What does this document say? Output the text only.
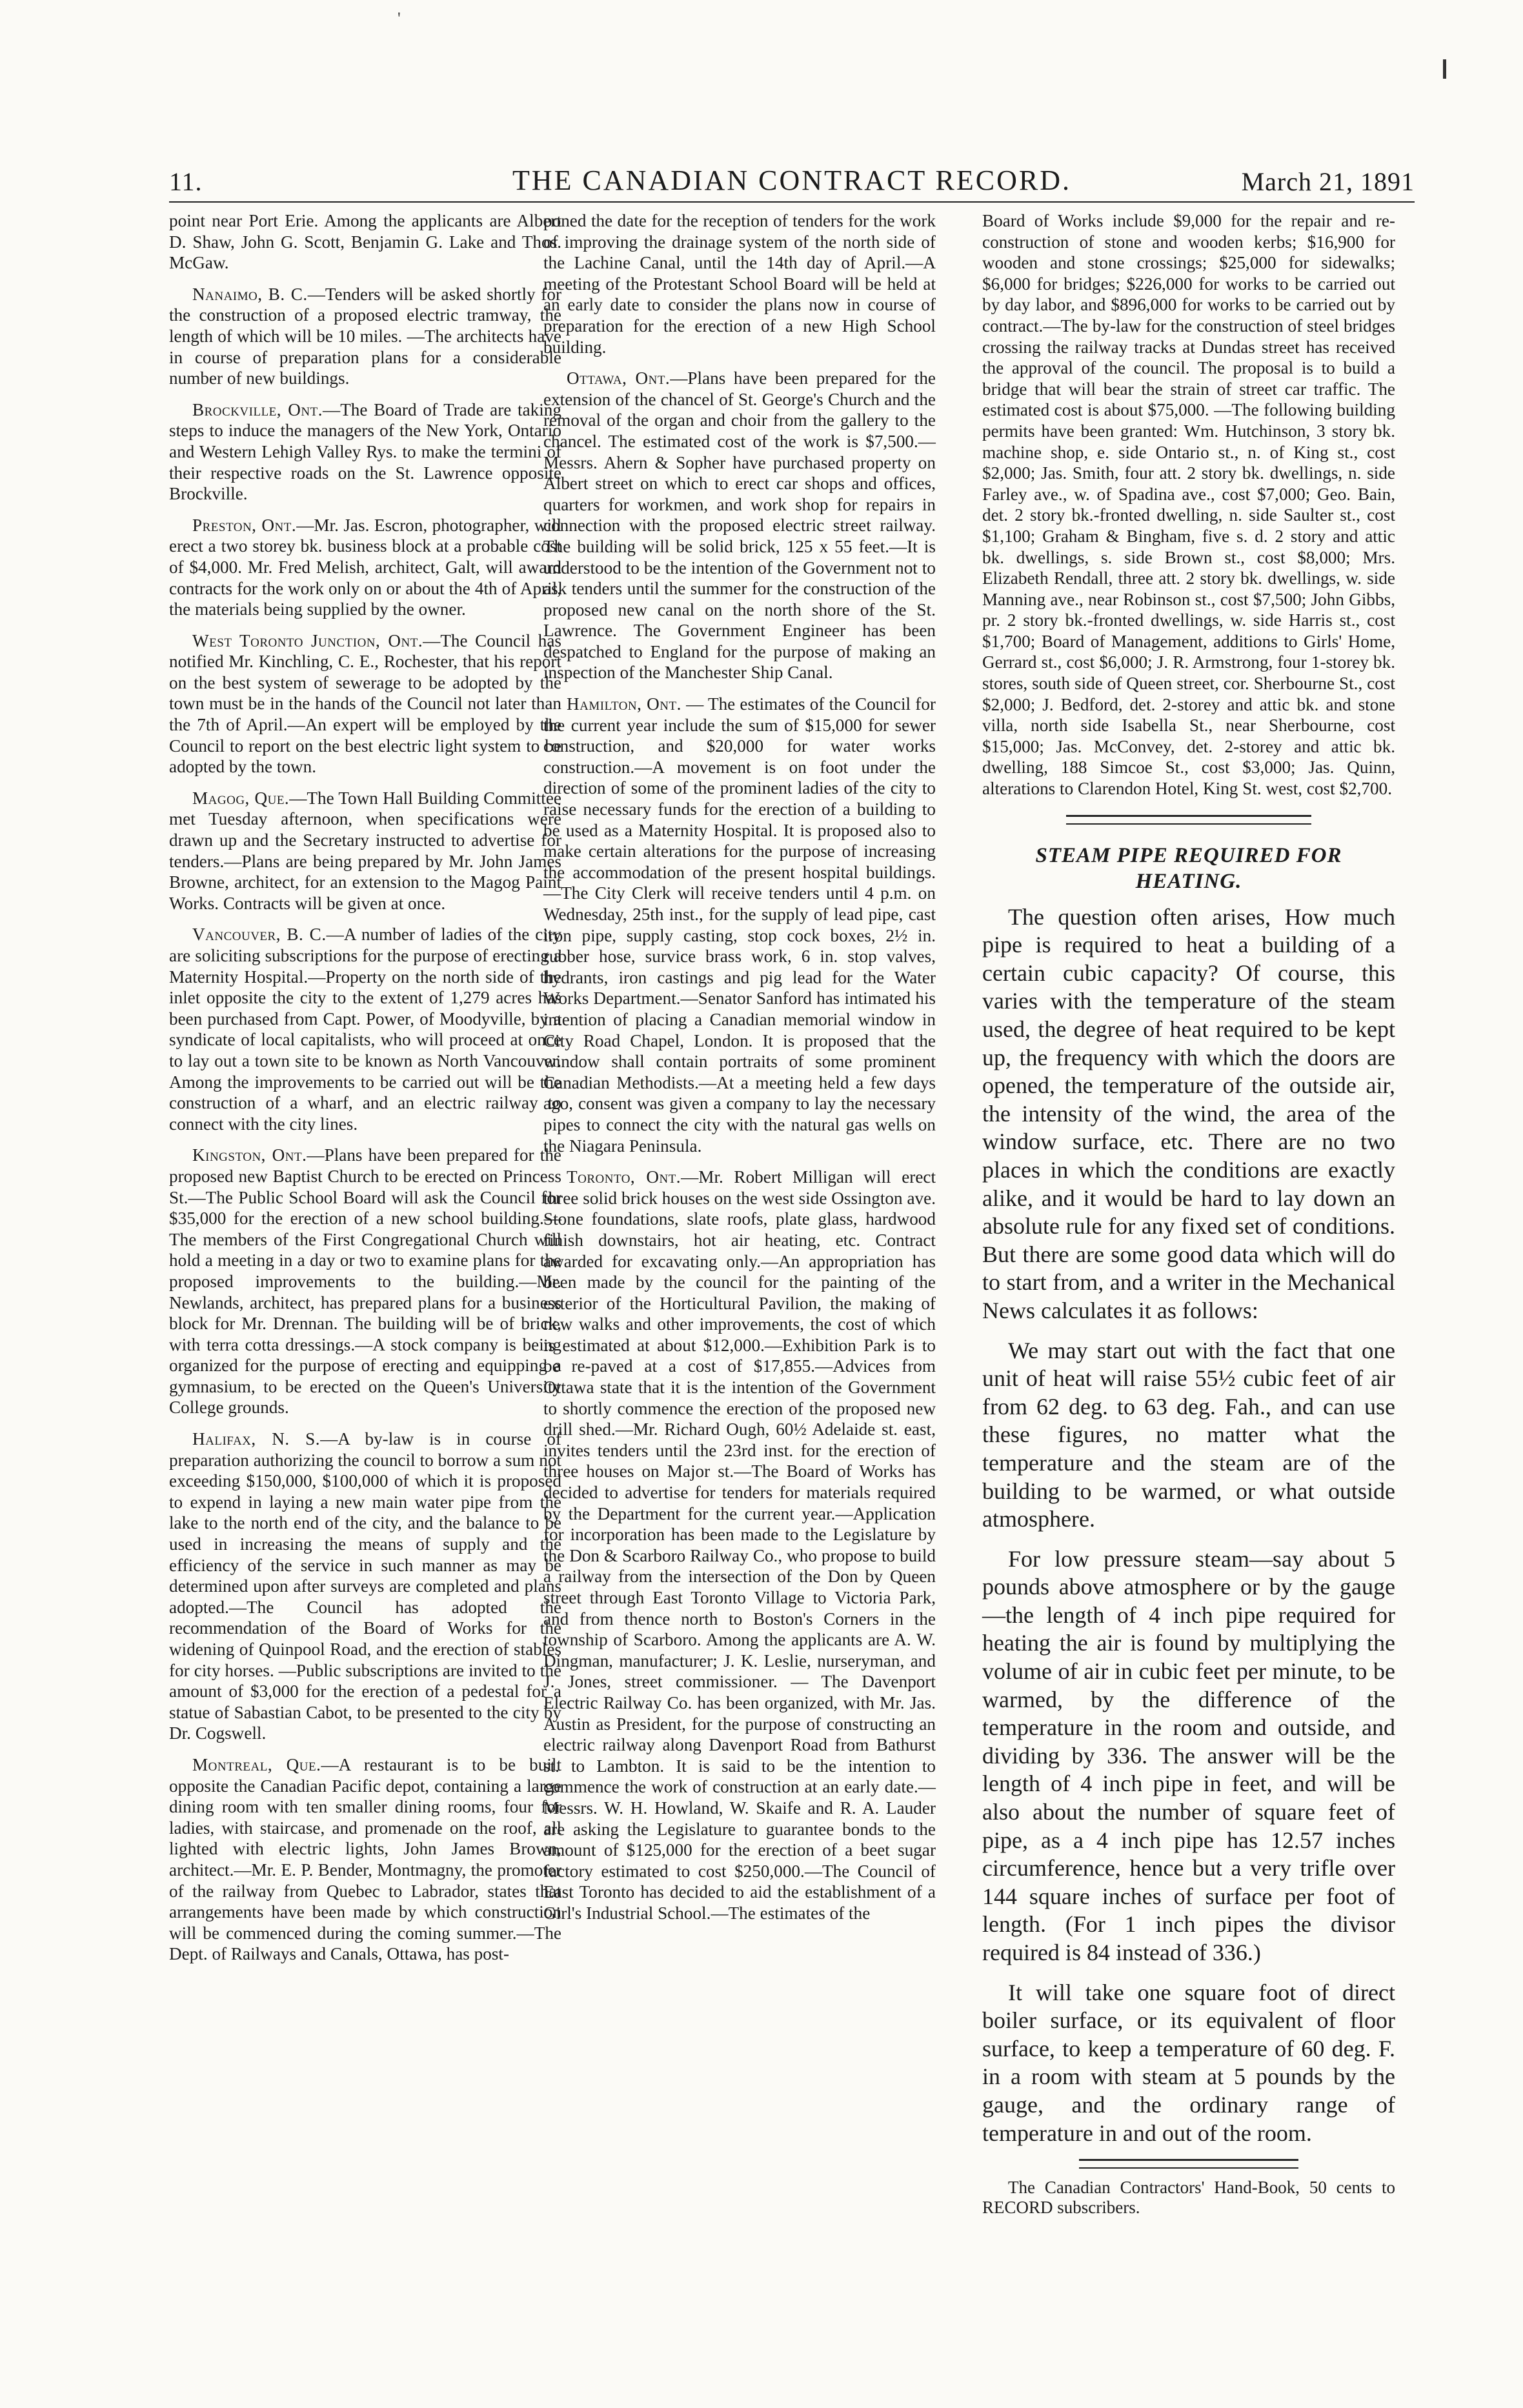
'
11.	THE CANADIAN CONTRACT RECORD.	March 21, 1891

point near Port Erie. Among the applicants are Albert D. Shaw, John G. Scott, Benjamin G. Lake and Thos. McGaw.

Nanaimo, B. C.—Tenders will be asked shortly for the construction of a proposed electric tramway, the length of which will be 10 miles. —The architects have in course of preparation plans for a considerable number of new buildings.

Brockville, Ont.—The Board of Trade are taking steps to induce the managers of the New York, Ontario and Western Lehigh Valley Rys. to make the termini of their respective roads on the St. Lawrence opposite Brockville.

Preston, Ont.—Mr. Jas. Escron, photographer, will erect a two storey bk. business block at a probable cost of $4,000. Mr. Fred Melish, architect, Galt, will award contracts for the work only on or about the 4th of April, the materials being supplied by the owner.

West Toronto Junction, Ont.—The Council has notified Mr. Kinchling, C. E., Rochester, that his report on the best system of sewerage to be adopted by the town must be in the hands of the Council not later than the 7th of April.—An expert will be employed by the Council to report on the best electric light system to be adopted by the town.

Magog, Que.—The Town Hall Building Committee met Tuesday afternoon, when specifications were drawn up and the Secretary instructed to advertise for tenders.—Plans are being prepared by Mr. John James Browne, architect, for an extension to the Magog Paint Works. Contracts will be given at once.

Vancouver, B. C.—A number of ladies of the city are soliciting subscriptions for the purpose of erecting a Maternity Hospital.—Property on the north side of the inlet opposite the city to the extent of 1,279 acres has been purchased from Capt. Power, of Moodyville, by a syndicate of local capitalists, who will proceed at once to lay out a town site to be known as North Vancouver. Among the improvements to be carried out will be the construction of a wharf, and an electric railway to connect with the city lines.

Kingston, Ont.—Plans have been prepared for the proposed new Baptist Church to be erected on Princess St.—The Public School Board will ask the Council for $35,000 for the erection of a new school building.—The members of the First Congregational Church will hold a meeting in a day or two to examine plans for the proposed improvements to the building.—Mr. Newlands, architect, has prepared plans for a business block for Mr. Drennan. The building will be of brick, with terra cotta dressings.—A stock company is being organized for the purpose of erecting and equipping a gymnasium, to be erected on the Queen's University College grounds.

Halifax, N. S.—A by-law is in course of preparation authorizing the council to borrow a sum not exceeding $150,000, $100,000 of which it is proposed to expend in laying a new main water pipe from the lake to the north end of the city, and the balance to be used in increasing the means of supply and the efficiency of the service in such manner as may be determined upon after surveys are completed and plans adopted.—The Council has adopted the recommendation of the Board of Works for the widening of Quinpool Road, and the erection of stables for city horses. —Public subscriptions are invited to the amount of $3,000 for the erection of a pedestal for a statue of Sabastian Cabot, to be presented to the city by Dr. Cogswell.

Montreal, Que.—A restaurant is to be built opposite the Canadian Pacific depot, containing a large dining room with ten smaller dining rooms, four for ladies, with staircase, and promenade on the roof, all lighted with electric lights, John James Brown, architect.—Mr. E. P. Bender, Montmagny, the promoter of the railway from Quebec to Labrador, states that arrangements have been made by which construction will be commenced during the coming summer.—The Dept. of Railways and Canals, Ottawa, has post-

poned the date for the reception of tenders for the work of improving the drainage system of the north side of the Lachine Canal, until the 14th day of April.—A meeting of the Protestant School Board will be held at an early date to consider the plans now in course of preparation for the erection of a new High School building.

Ottawa, Ont.—Plans have been prepared for the extension of the chancel of St. George's Church and the removal of the organ and choir from the gallery to the chancel. The estimated cost of the work is $7,500.—Messrs. Ahern & Sopher have purchased property on Albert street on which to erect car shops and offices, quarters for workmen, and work shop for repairs in connection with the proposed electric street railway. The building will be solid brick, 125 x 55 feet.—It is understood to be the intention of the Government not to ask tenders until the summer for the construction of the proposed new canal on the north shore of the St. Lawrence. The Government Engineer has been despatched to England for the purpose of making an inspection of the Manchester Ship Canal.

Hamilton, Ont. — The estimates of the Council for the current year include the sum of $15,000 for sewer construction, and $20,000 for water works construction.—A movement is on foot under the direction of some of the prominent ladies of the city to raise necessary funds for the erection of a building to be used as a Maternity Hospital. It is proposed also to make certain alterations for the purpose of increasing the accommodation of the present hospital buildings. —The City Clerk will receive tenders until 4 p.m. on Wednesday, 25th inst., for the supply of lead pipe, cast iron pipe, supply casting, stop cock boxes, 2½ in. rubber hose, survice brass work, 6 in. stop valves, hydrants, iron castings and pig lead for the Water Works Department.—Senator Sanford has intimated his intention of placing a Canadian memorial window in City Road Chapel, London. It is proposed that the window shall contain portraits of some prominent Canadian Methodists.—At a meeting held a few days ago, consent was given a company to lay the necessary pipes to connect the city with the natural gas wells on the Niagara Peninsula.

Toronto, Ont.—Mr. Robert Milligan will erect three solid brick houses on the west side Ossington ave. Stone foundations, slate roofs, plate glass, hardwood finish downstairs, hot air heating, etc. Contract awarded for excavating only.—An appropriation has been made by the council for the painting of the exterior of the Horticultural Pavilion, the making of new walks and other improvements, the cost of which is estimated at about $12,000.—Exhibition Park is to be re-paved at a cost of $17,855.—Advices from Ottawa state that it is the intention of the Government to shortly commence the erection of the proposed new drill shed.—Mr. Richard Ough, 60½ Adelaide st. east, invites tenders until the 23rd inst. for the erection of three houses on Major st.—The Board of Works has decided to advertise for tenders for materials required by the Department for the current year.—Application for incorporation has been made to the Legislature by the Don & Scarboro Railway Co., who propose to build a railway from the intersection of the Don by Queen street through East Toronto Village to Victoria Park, and from thence north to Boston's Corners in the township of Scarboro. Among the applicants are A. W. Dingman, manufacturer; J. K. Leslie, nurseryman, and J. Jones, street commissioner. — The Davenport Electric Railway Co. has been organized, with Mr. Jas. Austin as President, for the purpose of constructing an electric railway along Davenport Road from Bathurst st. to Lambton. It is said to be the intention to commence the work of construction at an early date.—Messrs. W. H. Howland, W. Skaife and R. A. Lauder are asking the Legislature to guarantee bonds to the amount of $125,000 for the erection of a beet sugar factory estimated to cost $250,000.—The Council of East Toronto has decided to aid the establishment of a Girl's Industrial School.—The estimates of the

Board of Works include $9,000 for the repair and re-construction of stone and wooden kerbs; $16,900 for wooden and stone crossings; $25,000 for sidewalks; $6,000 for bridges; $226,000 for works to be carried out by day labor, and $896,000 for works to be carried out by contract.—The by-law for the construction of steel bridges crossing the railway tracks at Dundas street has received the approval of the council. The proposal is to build a bridge that will bear the strain of street car traffic. The estimated cost is about $75,000. —The following building permits have been granted: Wm. Hutchinson, 3 story bk. machine shop, e. side Ontario st., n. of King st., cost $2,000; Jas. Smith, four att. 2 story bk. dwellings, n. side Farley ave., w. of Spadina ave., cost $7,000; Geo. Bain, det. 2 story bk.-fronted dwelling, n. side Saulter st., cost $1,100; Graham & Bingham, five s. d. 2 story and attic bk. dwellings, s. side Brown st., cost $8,000; Mrs. Elizabeth Rendall, three att. 2 story bk. dwellings, w. side Manning ave., near Robinson st., cost $7,500; John Gibbs, pr. 2 story bk.-fronted dwellings, w. side Harris st., cost $1,700; Board of Management, additions to Girls' Home, Gerrard st., cost $6,000; J. R. Armstrong, four 1-storey bk. stores, south side of Queen street, cor. Sherbourne St., cost $2,000; J. Bedford, det. 2-storey and attic bk. and stone villa, north side Isabella St., near Sherbourne, cost $15,000; Jas. McConvey, det. 2-storey and attic bk. dwelling, 188 Simcoe St., cost $3,000; Jas. Quinn, alterations to Clarendon Hotel, King St. west, cost $2,700.

STEAM PIPE REQUIRED FOR HEATING.

The question often arises, How much pipe is required to heat a building of a certain cubic capacity? Of course, this varies with the temperature of the steam used, the degree of heat required to be kept up, the frequency with which the doors are opened, the temperature of the outside air, the intensity of the wind, the area of the window surface, etc. There are no two places in which the conditions are exactly alike, and it would be hard to lay down an absolute rule for any fixed set of conditions. But there are some good data which will do to start from, and a writer in the Mechanical News calculates it as follows:

We may start out with the fact that one unit of heat will raise 55½ cubic feet of air from 62 deg. to 63 deg. Fah., and can use these figures, no matter what the temperature and the steam are of the building to be warmed, or what outside atmosphere.

For low pressure steam—say about 5 pounds above atmosphere or by the gauge —the length of 4 inch pipe required for heating the air is found by multiplying the volume of air in cubic feet per minute, to be warmed, by the difference of the temperature in the room and outside, and dividing by 336. The answer will be the length of 4 inch pipe in feet, and will be also about the number of square feet of pipe, as a 4 inch pipe has 12.57 inches circumference, hence but a very trifle over 144 square inches of surface per foot of length. (For 1 inch pipes the divisor required is 84 instead of 336.)

It will take one square foot of direct boiler surface, or its equivalent of floor surface, to keep a temperature of 60 deg. F. in a room with steam at 5 pounds by the gauge, and the ordinary range of temperature in and out of the room.

The Canadian Contractors' Hand-Book, 50 cents to RECORD subscribers.
